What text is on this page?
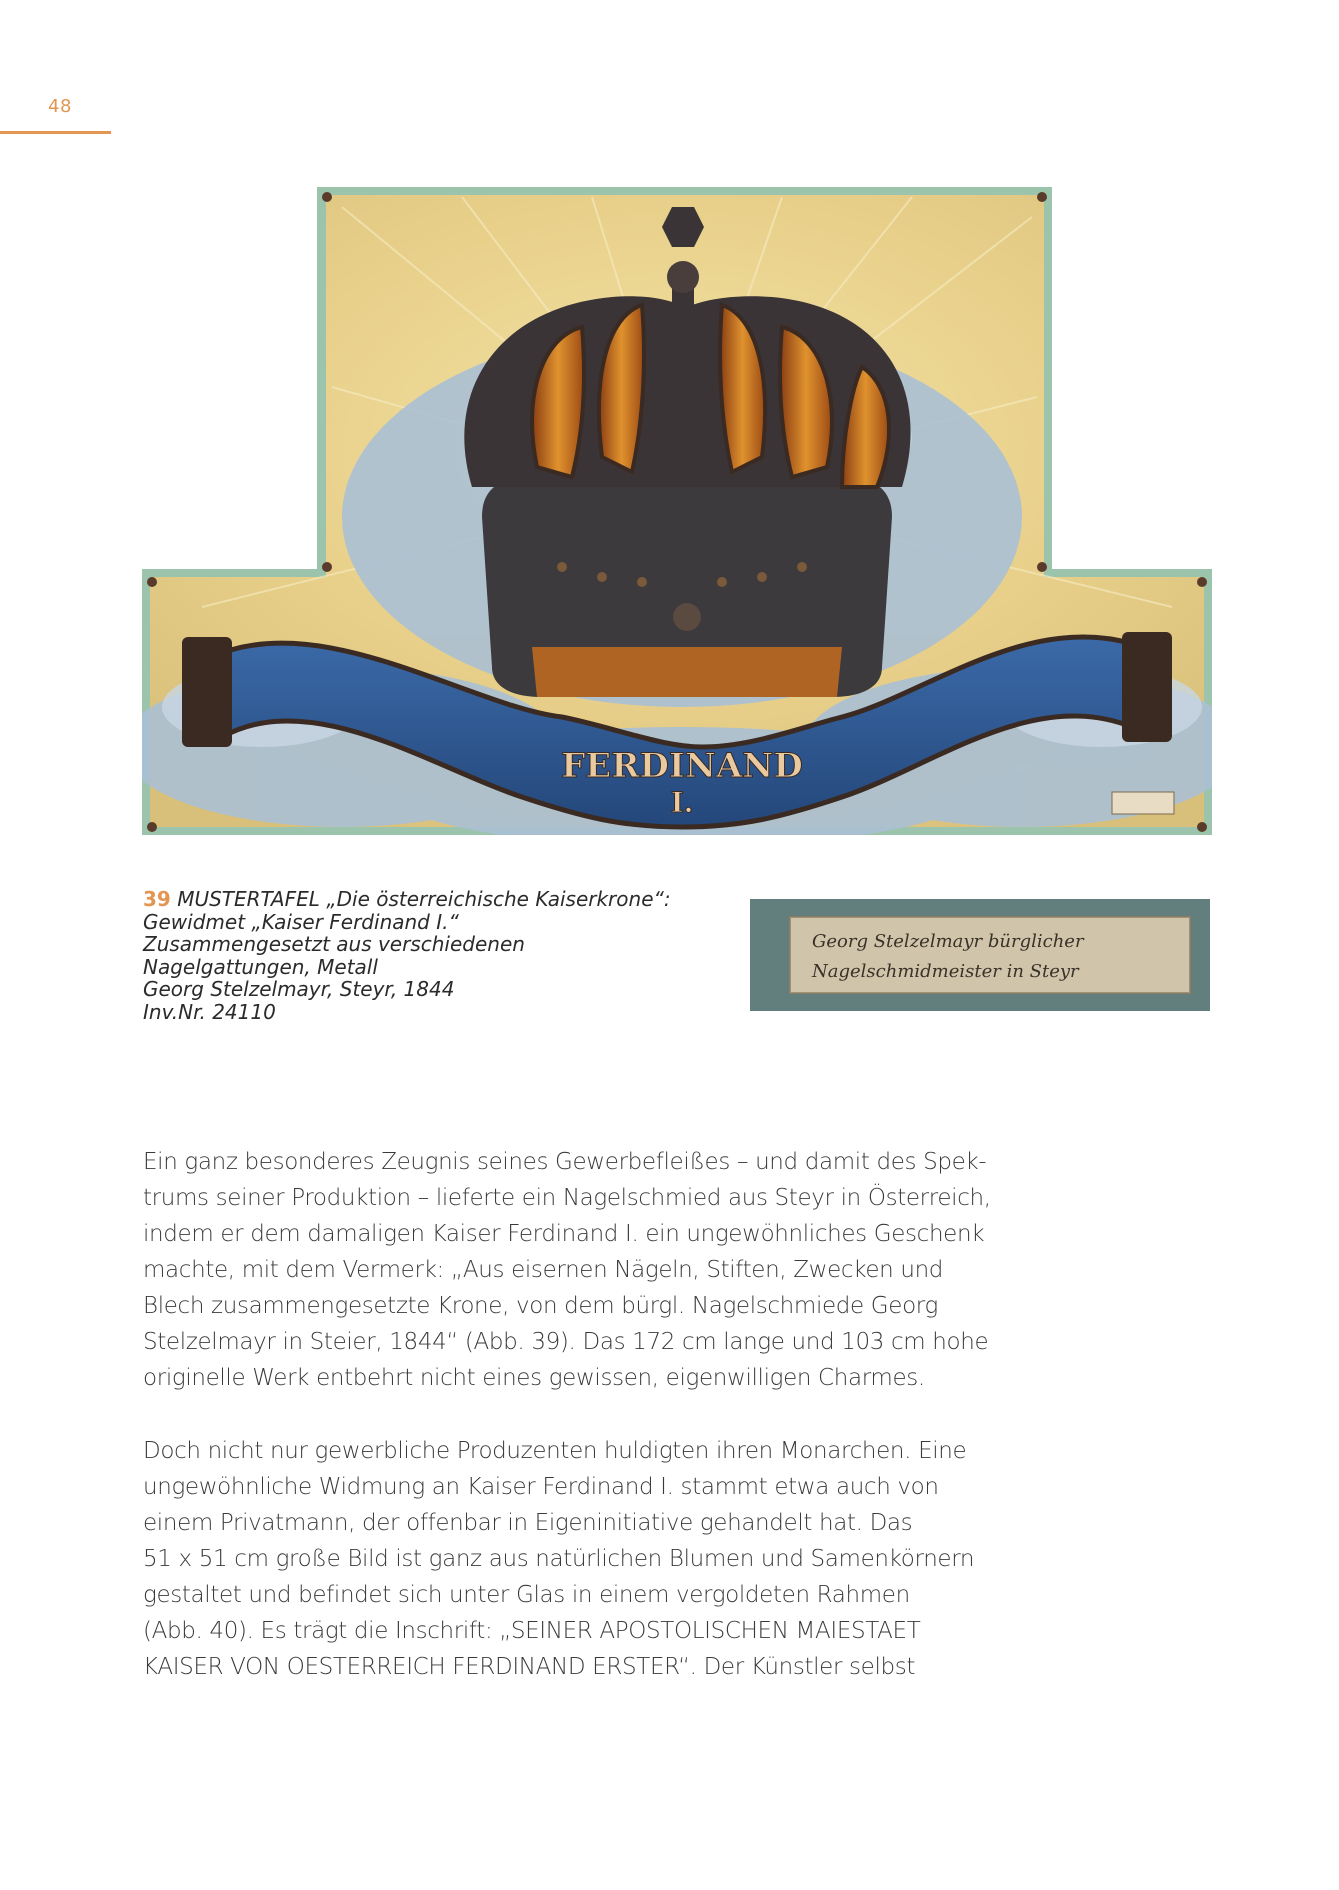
48
FERDINAND
I.
39 MUSTERTAFEL „Die österreichische Kaiserkrone“:
Gewidmet „Kaiser Ferdinand I.“
Zusammengesetzt aus verschiedenen
Nagelgattungen, Metall
Georg Stelzelmayr, Steyr, 1844
Inv.Nr. 24110
Georg Stelzelmayr bürglicher
Nagelschmidmeister in Steyr
Ein ganz besonderes Zeugnis seines Gewerbefleißes – und damit des Spek-
trums seiner Produktion – lieferte ein Nagelschmied aus Steyr in Österreich,
indem er dem damaligen Kaiser Ferdinand I. ein ungewöhnliches Geschenk
machte, mit dem Vermerk: „Aus eisernen Nägeln, Stiften, Zwecken und
Blech zusammengesetzte Krone, von dem bürgl. Nagelschmiede Georg
Stelzelmayr in Steier, 1844“ (Abb. 39). Das 172 cm lange und 103 cm hohe
originelle Werk entbehrt nicht eines gewissen, eigenwilligen Charmes.
Doch nicht nur gewerbliche Produzenten huldigten ihren Monarchen. Eine
ungewöhnliche Widmung an Kaiser Ferdinand I. stammt etwa auch von
einem Privatmann, der offenbar in Eigeninitiative gehandelt hat. Das
51 x 51 cm große Bild ist ganz aus natürlichen Blumen und Samenkörnern
gestaltet und befindet sich unter Glas in einem vergoldeten Rahmen
(Abb. 40). Es trägt die Inschrift: „SEINER APOSTOLISCHEN MAIESTAET
KAISER VON OESTERREICH FERDINAND ERSTER“. Der Künstler selbst
